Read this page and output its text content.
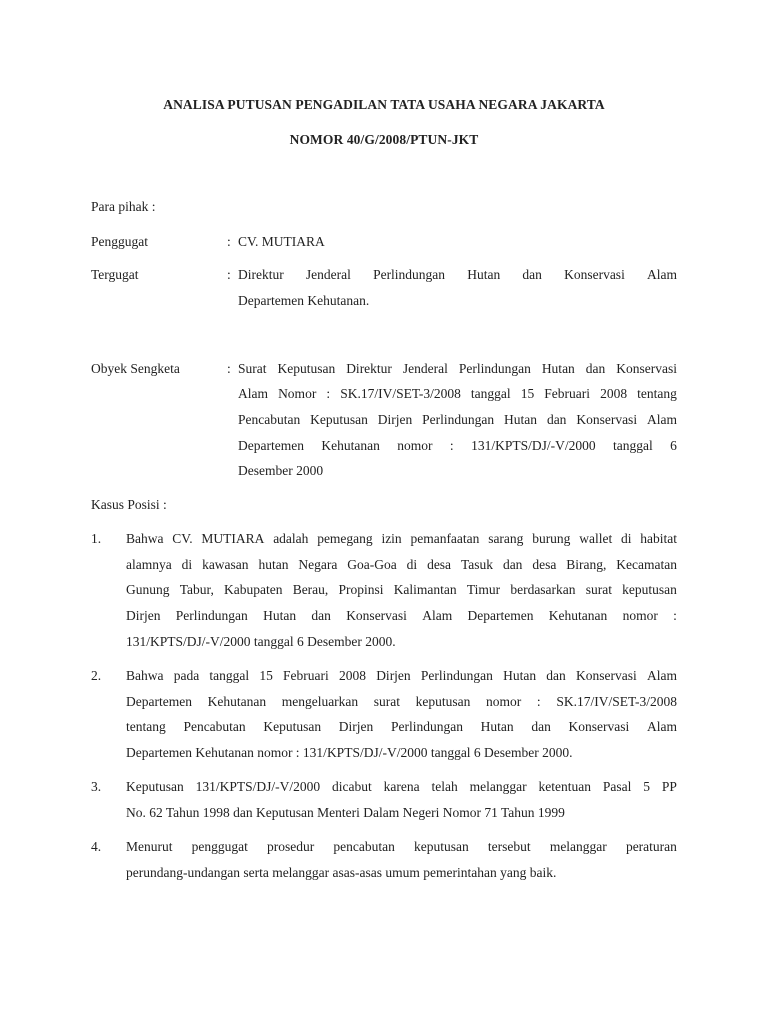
ANALISA PUTUSAN PENGADILAN TATA USAHA NEGARA JAKARTA
NOMOR 40/G/2008/PTUN-JKT
Para pihak :
Penggugat	: CV. MUTIARA
Tergugat	: Direktur Jenderal Perlindungan Hutan dan Konservasi Alam
Departemen Kehutanan.
Obyek Sengketa	: Surat Keputusan Direktur Jenderal Perlindungan Hutan dan Konservasi
Alam Nomor : SK.17/IV/SET-3/2008 tanggal 15 Februari 2008 tentang
Pencabutan Keputusan Dirjen Perlindungan Hutan dan Konservasi Alam
Departemen Kehutanan nomor : 131/KPTS/DJ/-V/2000 tanggal 6
Desember 2000
Kasus Posisi :
1. Bahwa CV. MUTIARA adalah pemegang izin pemanfaatan sarang burung wallet di habitat
alamnya di kawasan hutan Negara Goa-Goa di desa Tasuk dan desa Birang, Kecamatan
Gunung Tabur, Kabupaten Berau, Propinsi Kalimantan Timur berdasarkan surat keputusan
Dirjen Perlindungan Hutan dan Konservasi Alam Departemen Kehutanan nomor :
131/KPTS/DJ/-V/2000 tanggal 6 Desember 2000.
2. Bahwa pada tanggal 15 Februari 2008 Dirjen Perlindungan Hutan dan Konservasi Alam
Departemen Kehutanan mengeluarkan surat keputusan nomor : SK.17/IV/SET-3/2008
tentang Pencabutan Keputusan Dirjen Perlindungan Hutan dan Konservasi Alam
Departemen Kehutanan nomor : 131/KPTS/DJ/-V/2000 tanggal 6 Desember 2000.
3. Keputusan 131/KPTS/DJ/-V/2000 dicabut karena telah melanggar ketentuan Pasal 5 PP
No. 62 Tahun 1998 dan Keputusan Menteri Dalam Negeri Nomor 71 Tahun 1999
4. Menurut penggugat prosedur pencabutan keputusan tersebut melanggar peraturan
perundang-undangan serta melanggar asas-asas umum pemerintahan yang baik.
